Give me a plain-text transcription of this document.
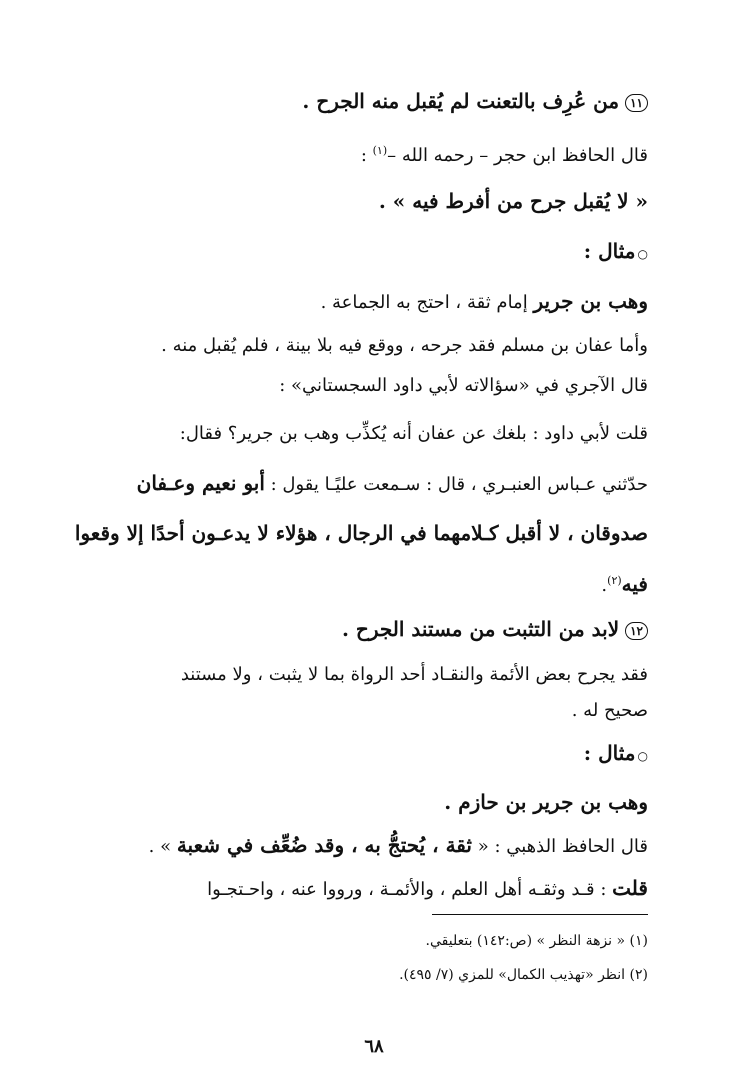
١١من عُرِف بالتعنت لم يُقبل منه الجرح .
قال الحافظ ابن حجر – رحمه الله –$^{(١)}$ :
« لا يُقبل جرح من أفرط فيه » .
○مثال :
وهب بن جرير إمام ثقة ، احتج به الجماعة .
وأما عفان بن مسلم فقد جرحه ، ووقع فيه بلا بينة ، فلم يُقبل منه .
قال الآجري في «سؤالاته لأبي داود السجستاني» :
قلت لأبي داود : بلغك عن عفان أنه يُكذِّب وهب بن جرير؟ فقال:
حدّثني عـباس العنبـري ، قال : سـمعت عليًـا يقول : أبو نعيم وعـفان
صدوقان ، لا أقبل كـلامهما في الرجال ، هؤلاء لا يدعـون أحدًا إلا وقعوا
فيه$^{(٢)}$.
١٢لابد من التثبت من مستند الجرح .
فقد يجرح بعض الأئمة والنقـاد أحد الرواة بما لا يثبت ، ولا مستند
صحيح له .
○مثال :
وهب بن جرير بن حازم .
قال الحافظ الذهبي : « ثقة ، يُحتجُّ به ، وقد ضُعِّف في شعبة » .
قلت : قـد وثقـه أهل العلم ، والأئمـة ، ورووا عنه ، واحـتجـوا
(١) « نزهة النظر » (ص:١٤٢) بتعليقي.
(٢) انظر «تهذيب الكمال» للمزي (٧/ ٤٩٥).
٦٨
